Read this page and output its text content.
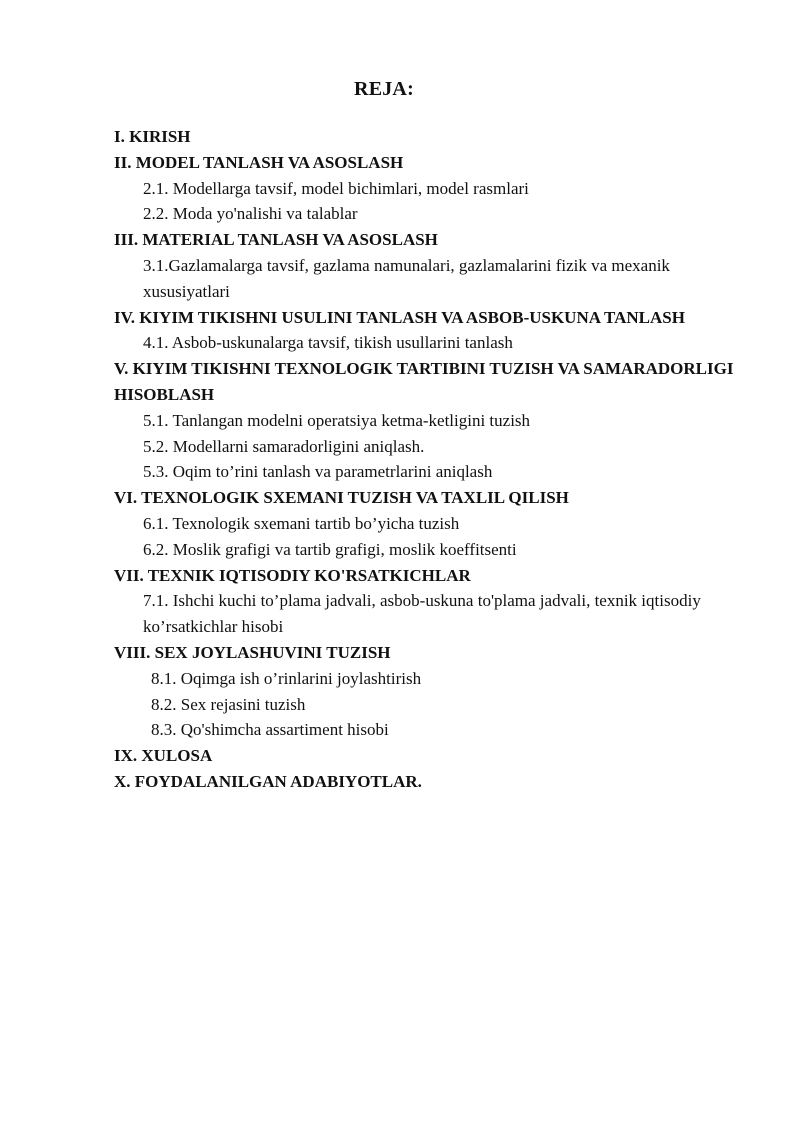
REJA:
I. KIRISH
II. MODEL TANLASH VA ASOSLASH
2.1. Modellarga tavsif, model bichimlari, model rasmlari
2.2. Moda yo'nalishi va talablar
III. MATERIAL TANLASH VA ASOSLASH
3.1.Gazlamalarga tavsif, gazlama namunalari, gazlamalarini fizik va mexanik xususiyatlari
IV. KIYIM TIKISHNI USULINI TANLASH VA ASBOB-USKUNA TANLASH
4.1. Asbob-uskunalarga tavsif, tikish usullarini tanlash
V. KIYIM TIKISHNI TEXNOLOGIK TARTIBINI TUZISH VA SAMARADORLIGI HISOBLASH
5.1. Tanlangan modelni operatsiya ketma-ketligini tuzish
5.2. Modellarni samaradorligini aniqlash.
5.3. Oqim to’rini tanlash va parametrlarini aniqlash
VI. TEXNOLOGIK SXEMANI TUZISH VA TAXLIL QILISH
6.1. Texnologik sxemani tartib bo’yicha tuzish
6.2. Moslik grafigi va tartib grafigi, moslik koeffitsenti
VII. TEXNIK IQTISODIY KO'RSATKICHLAR
7.1. Ishchi kuchi to’plama jadvali, asbob-uskuna to'plama jadvali, texnik iqtisodiy ko’rsatkichlar hisobi
VIII. SEX JOYLASHUVINI TUZISH
8.1. Oqimga ish o’rinlarini joylashtirish
8.2. Sex rejasini tuzish
8.3. Qo'shimcha assartiment hisobi
IX. XULOSA
X. FOYDALANILGAN ADABIYOTLAR.
